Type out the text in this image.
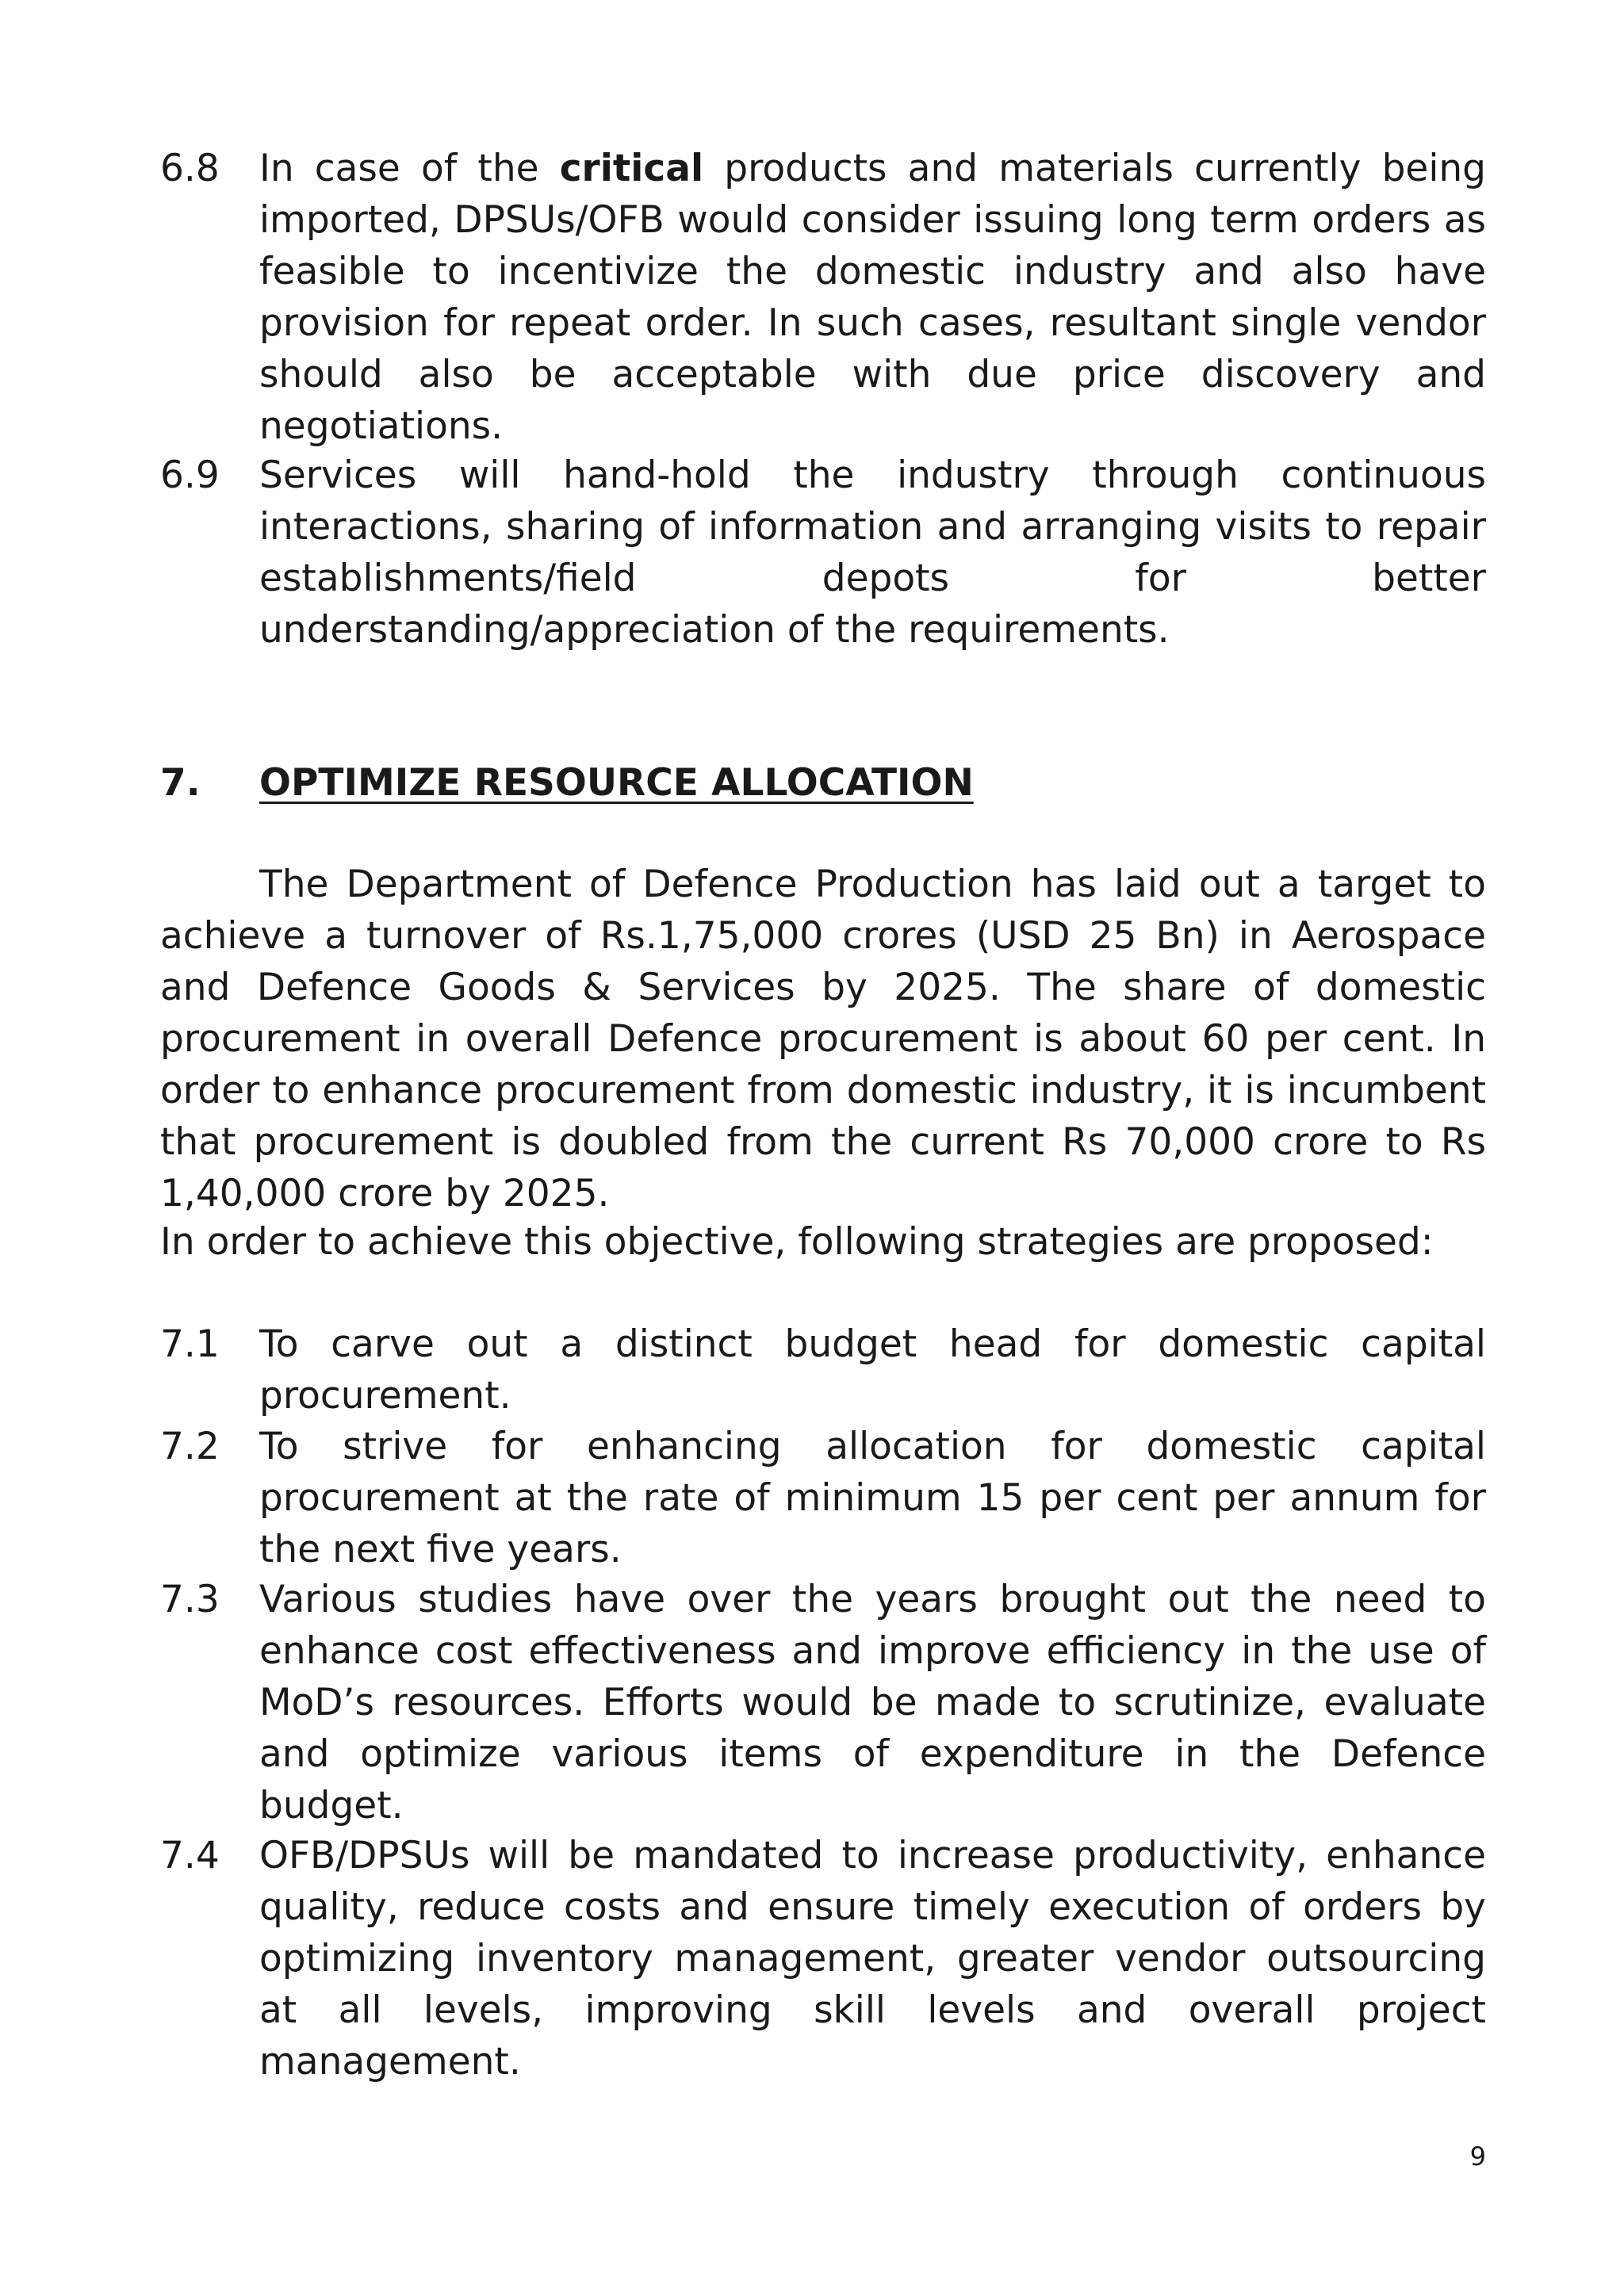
6.8 In case of the critical products and materials currently being imported, DPSUs/OFB would consider issuing long term orders as feasible to incentivize the domestic industry and also have provision for repeat order. In such cases, resultant single vendor should also be acceptable with due price discovery and negotiations.
6.9 Services will hand-hold the industry through continuous interactions, sharing of information and arranging visits to repair establishments/field depots for better understanding/appreciation of the requirements.
7. OPTIMIZE RESOURCE ALLOCATION
The Department of Defence Production has laid out a target to achieve a turnover of Rs.1,75,000 crores (USD 25 Bn) in Aerospace and Defence Goods & Services by 2025. The share of domestic procurement in overall Defence procurement is about 60 per cent. In order to enhance procurement from domestic industry, it is incumbent that procurement is doubled from the current Rs 70,000 crore to Rs 1,40,000 crore by 2025.
In order to achieve this objective, following strategies are proposed:
7.1 To carve out a distinct budget head for domestic capital procurement.
7.2 To strive for enhancing allocation for domestic capital procurement at the rate of minimum 15 per cent per annum for the next five years.
7.3 Various studies have over the years brought out the need to enhance cost effectiveness and improve efficiency in the use of MoD’s resources. Efforts would be made to scrutinize, evaluate and optimize various items of expenditure in the Defence budget.
7.4 OFB/DPSUs will be mandated to increase productivity, enhance quality, reduce costs and ensure timely execution of orders by optimizing inventory management, greater vendor outsourcing at all levels, improving skill levels and overall project management.
9
